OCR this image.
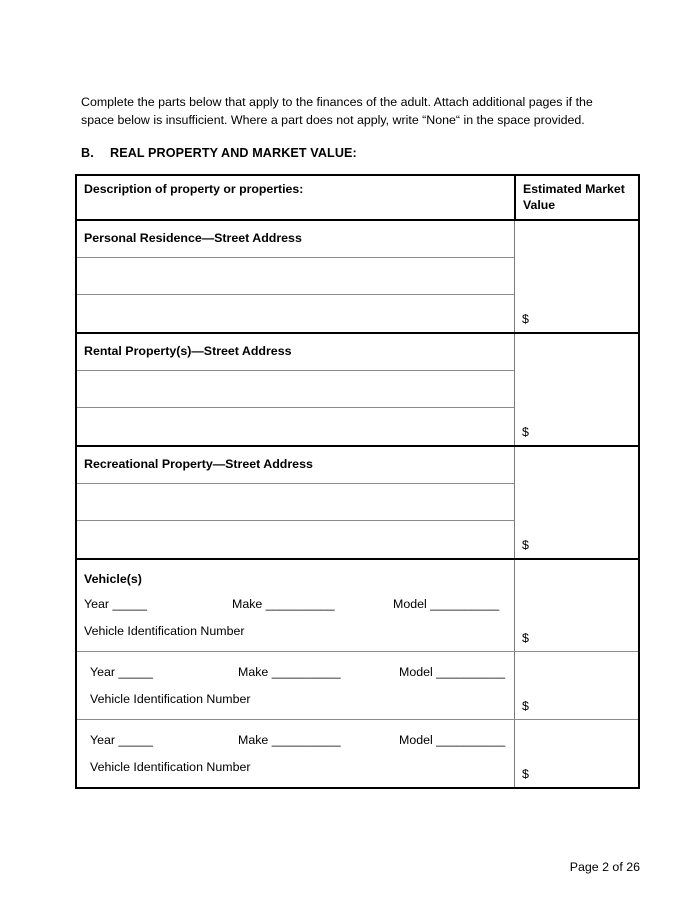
Complete the parts below that apply to the finances of the adult. Attach additional pages if the space below is insufficient. Where a part does not apply, write “None“ in the space provided.

B. REAL PROPERTY AND MARKET VALUE:
Description of property or properties:	Estimated Market Value
Personal Residence—Street Address
$
Rental Property(s)—Street Address
$
Recreational Property—Street Address
$
Vehicle(s)
Year _____	Make __________	Model __________
Vehicle Identification Number	$
Year _____	Make __________	Model __________
Vehicle Identification Number	$
Year _____	Make __________	Model __________
Vehicle Identification Number	$
Page 2 of 26
